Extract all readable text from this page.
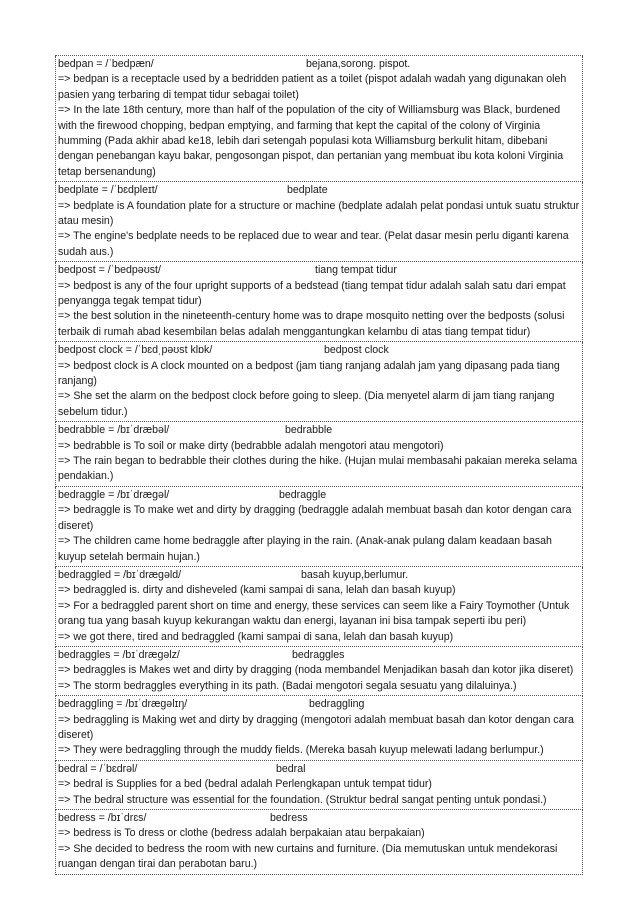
bedpan = /ˈbedpæn/	bejana,sorong. pispot.
=> bedpan is a receptacle used by a bedridden patient as a toilet (pispot adalah wadah yang digunakan oleh pasien yang terbaring di tempat tidur sebagai toilet)
=> In the late 18th century, more than half of the population of the city of Williamsburg was Black, burdened with the firewood chopping, bedpan emptying, and farming that kept the capital of the colony of Virginia humming (Pada akhir abad ke18, lebih dari setengah populasi kota Williamsburg berkulit hitam, dibebani dengan penebangan kayu bakar, pengosongan pispot, dan pertanian yang membuat ibu kota koloni Virginia tetap bersenandung)
bedplate = /ˈbɛdpleɪt/	bedplate
=> bedplate is A foundation plate for a structure or machine (bedplate adalah pelat pondasi untuk suatu struktur atau mesin)
=> The engine's bedplate needs to be replaced due to wear and tear. (Pelat dasar mesin perlu diganti karena sudah aus.)
bedpost = /ˈbedpəʊst/	tiang tempat tidur
=> bedpost is any of the four upright supports of a bedstead (tiang tempat tidur adalah salah satu dari empat penyangga tegak tempat tidur)
=> the best solution in the nineteenth-century home was to drape mosquito netting over the bedposts (solusi terbaik di rumah abad kesembilan belas adalah menggantungkan kelambu di atas tiang tempat tidur)
bedpost clock = /ˈbɛdˌpəʊst klɒk/	bedpost clock
=> bedpost clock is A clock mounted on a bedpost (jam tiang ranjang adalah jam yang dipasang pada tiang ranjang)
=> She set the alarm on the bedpost clock before going to sleep. (Dia menyetel alarm di jam tiang ranjang sebelum tidur.)
bedrabble = /bɪˈdræbəl/	bedrabble
=> bedrabble is To soil or make dirty (bedrabble adalah mengotori atau mengotori)
=> The rain began to bedrabble their clothes during the hike. (Hujan mulai membasahi pakaian mereka selama pendakian.)
bedraggle = /bɪˈdrægəl/	bedraggle
=> bedraggle is To make wet and dirty by dragging (bedraggle adalah membuat basah dan kotor dengan cara diseret)
=> The children came home bedraggle after playing in the rain. (Anak-anak pulang dalam keadaan basah kuyup setelah bermain hujan.)
bedraggled = /bɪˈdræɡəld/	basah kuyup,berlumur.
=> bedraggled is. dirty and disheveled (kami sampai di sana, lelah dan basah kuyup)
=> For a bedraggled parent short on time and energy, these services can seem like a Fairy Toymother (Untuk orang tua yang basah kuyup kekurangan waktu dan energi, layanan ini bisa tampak seperti ibu peri)
=> we got there, tired and bedraggled (kami sampai di sana, lelah dan basah kuyup)
bedraggles = /bɪˈdrægəlz/	bedraggles
=> bedraggles is Makes wet and dirty by dragging (noda membandel Menjadikan basah dan kotor jika diseret)
=> The storm bedraggles everything in its path. (Badai mengotori segala sesuatu yang dilaluinya.)
bedraggling = /bɪˈdrægəlɪŋ/	bedraggling
=> bedraggling is Making wet and dirty by dragging (mengotori adalah membuat basah dan kotor dengan cara diseret)
=> They were bedraggling through the muddy fields. (Mereka basah kuyup melewati ladang berlumpur.)
bedral = /ˈbɛdrəl/	bedral
=> bedral is Supplies for a bed (bedral adalah Perlengkapan untuk tempat tidur)
=> The bedral structure was essential for the foundation. (Struktur bedral sangat penting untuk pondasi.)
bedress = /bɪˈdrɛs/	bedress
=> bedress is To dress or clothe (bedress adalah berpakaian atau berpakaian)
=> She decided to bedress the room with new curtains and furniture. (Dia memutuskan untuk mendekorasi ruangan dengan tirai dan perabotan baru.)
